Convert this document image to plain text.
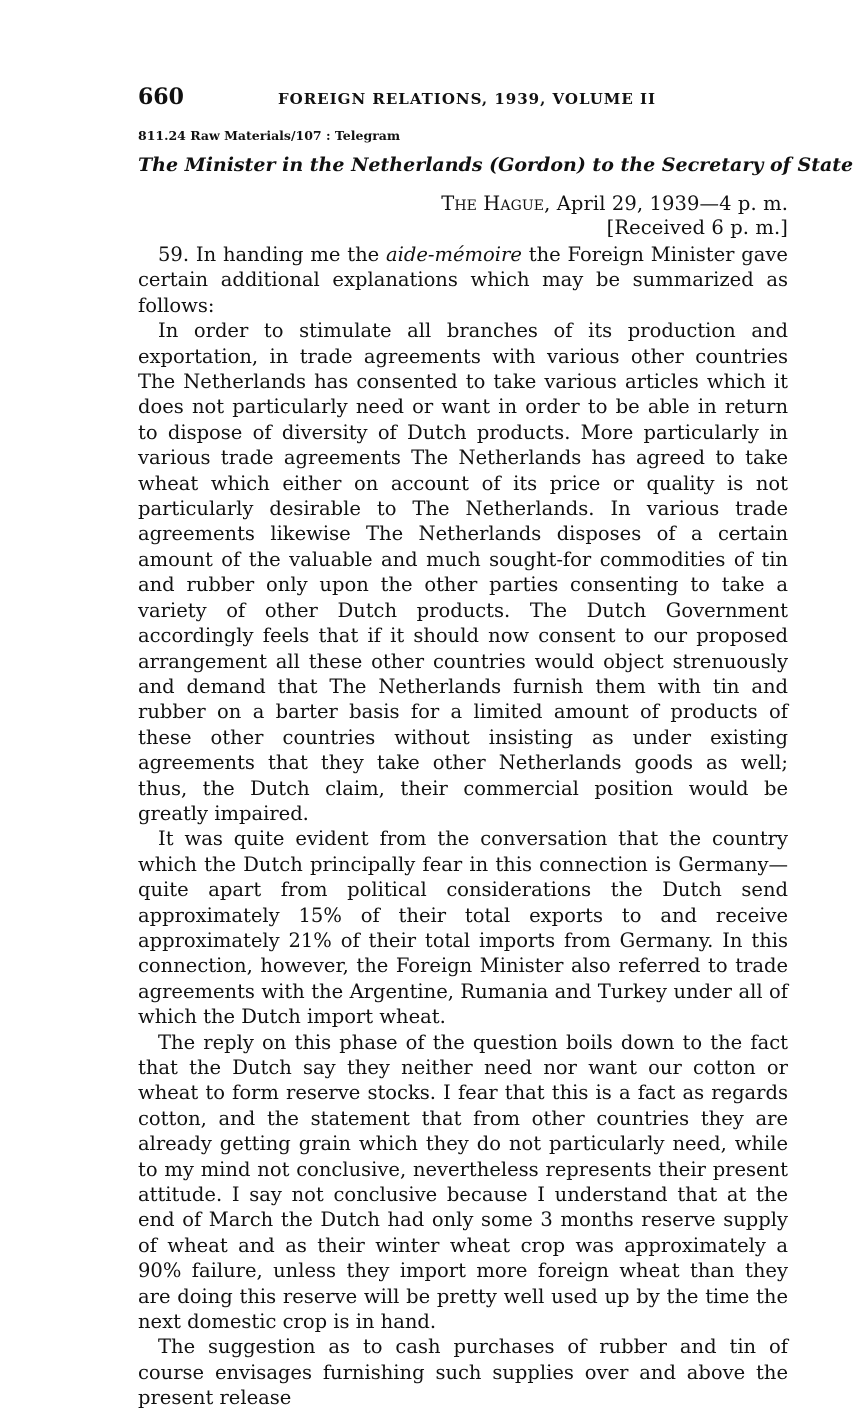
660	FOREIGN RELATIONS, 1939, VOLUME II
811.24 Raw Materials/107 : Telegram
The Minister in the Netherlands (Gordon) to the Secretary of State
The Hague, April 29, 1939—4 p. m.
[Received 6 p. m.]

59. In handing me the aide-mémoire the Foreign Minister gave certain additional explanations which may be summarized as follows:

In order to stimulate all branches of its production and exportation, in trade agreements with various other countries The Netherlands has consented to take various articles which it does not particularly need or want in order to be able in return to dispose of diversity of Dutch products. More particularly in various trade agreements The Netherlands has agreed to take wheat which either on account of its price or quality is not particularly desirable to The Netherlands. In various trade agreements likewise The Netherlands disposes of a certain amount of the valuable and much sought-for commodities of tin and rubber only upon the other parties consenting to take a variety of other Dutch products. The Dutch Government accordingly feels that if it should now consent to our proposed arrangement all these other countries would object strenuously and demand that The Netherlands furnish them with tin and rubber on a barter basis for a limited amount of products of these other countries without insisting as under existing agreements that they take other Netherlands goods as well; thus, the Dutch claim, their commercial position would be greatly impaired.

It was quite evident from the conversation that the country which the Dutch principally fear in this connection is Germany—quite apart from political considerations the Dutch send approximately 15% of their total exports to and receive approximately 21% of their total imports from Germany. In this connection, however, the Foreign Minister also referred to trade agreements with the Argentine, Rumania and Turkey under all of which the Dutch import wheat.

The reply on this phase of the question boils down to the fact that the Dutch say they neither need nor want our cotton or wheat to form reserve stocks. I fear that this is a fact as regards cotton, and the statement that from other countries they are already getting grain which they do not particularly need, while to my mind not conclusive, nevertheless represents their present attitude. I say not conclusive because I understand that at the end of March the Dutch had only some 3 months reserve supply of wheat and as their winter wheat crop was approximately a 90% failure, unless they import more foreign wheat than they are doing this reserve will be pretty well used up by the time the next domestic crop is in hand.

The suggestion as to cash purchases of rubber and tin of course envisages furnishing such supplies over and above the present release
